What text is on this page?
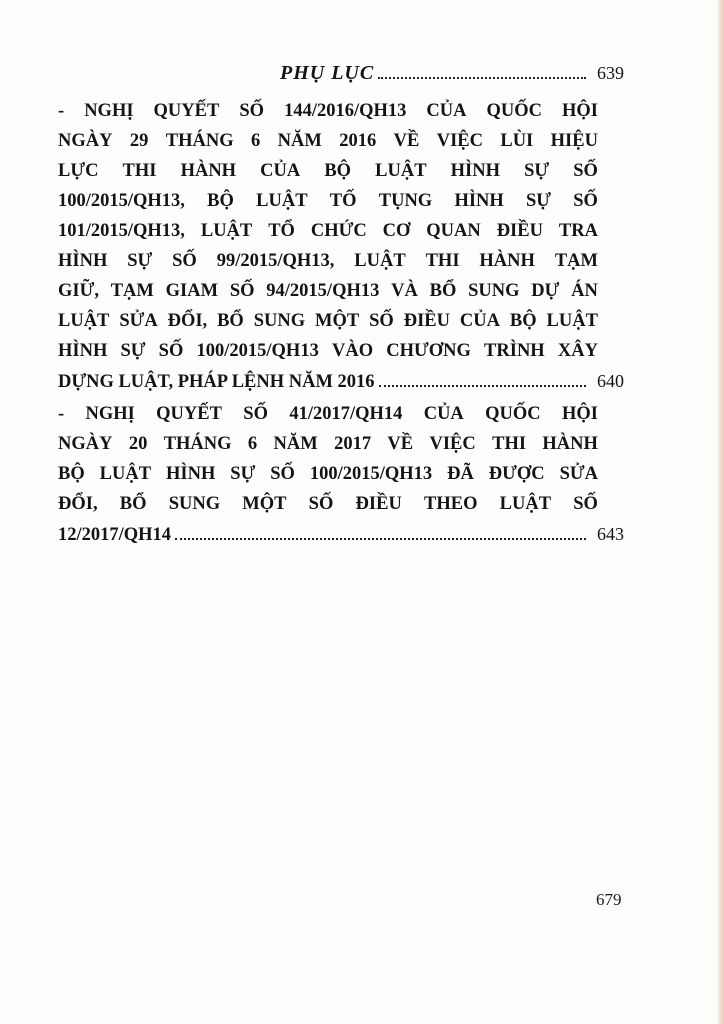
PHỤ LỤC	639
- NGHỊ QUYẾT SỐ 144/2016/QH13 CỦA QUỐC HỘI
NGÀY 29 THÁNG 6 NĂM 2016 VỀ VIỆC LÙI HIỆU
LỰC THI HÀNH CỦA BỘ LUẬT HÌNH SỰ SỐ
100/2015/QH13, BỘ LUẬT TỐ TỤNG HÌNH SỰ SỐ
101/2015/QH13, LUẬT TỔ CHỨC CƠ QUAN ĐIỀU TRA
HÌNH SỰ SỐ 99/2015/QH13, LUẬT THI HÀNH TẠM
GIỮ, TẠM GIAM SỐ 94/2015/QH13 VÀ BỔ SUNG DỰ ÁN
LUẬT SỬA ĐỔI, BỔ SUNG MỘT SỐ ĐIỀU CỦA BỘ LUẬT
HÌNH SỰ SỐ 100/2015/QH13 VÀO CHƯƠNG TRÌNH XÂY
DỰNG LUẬT, PHÁP LỆNH NĂM 2016	640
- NGHỊ QUYẾT SỐ 41/2017/QH14 CỦA QUỐC HỘI
NGÀY 20 THÁNG 6 NĂM 2017 VỀ VIỆC THI HÀNH
BỘ LUẬT HÌNH SỰ SỐ 100/2015/QH13 ĐÃ ĐƯỢC SỬA
ĐỔI, BỔ SUNG MỘT SỐ ĐIỀU THEO LUẬT SỐ
12/2017/QH14	643
679
